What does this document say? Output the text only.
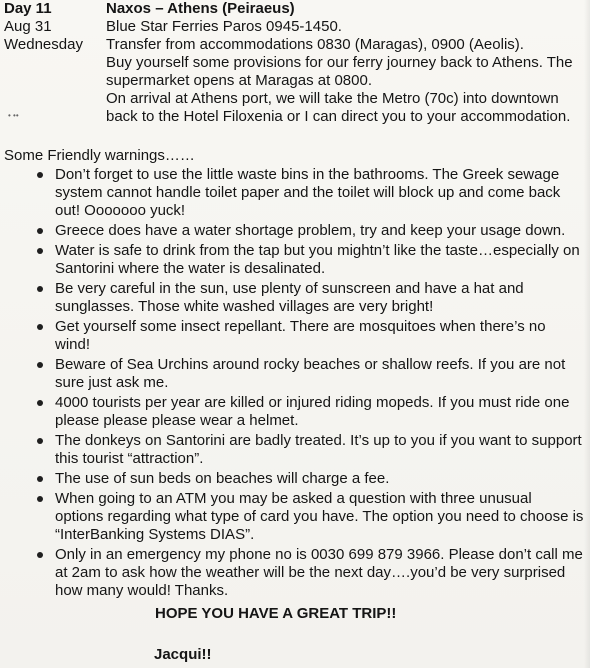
• ••
Day 11
Aug 31
Wednesday
Naxos – Athens (Peiraeus)
Blue Star Ferries Paros 0945-1450.
Transfer from accommodations 0830 (Maragas), 0900 (Aeolis).
Buy yourself some provisions for our ferry journey back to Athens. The supermarket opens at Maragas at 0800.
On arrival at Athens port, we will take the Metro (70c) into downtown back to the Hotel Filoxenia or I can direct you to your accommodation.
Some Friendly warnings……
Don’t forget to use the little waste bins in the bathrooms. The Greek sewage system cannot handle toilet paper and the toilet will block up and come back out! Ooooooo yuck!
Greece does have a water shortage problem, try and keep your usage down.
Water is safe to drink from the tap but you mightn’t like the taste…especially on Santorini where the water is desalinated.
Be very careful in the sun, use plenty of sunscreen and have a hat and sunglasses. Those white washed villages are very bright!
Get yourself some insect repellant. There are mosquitoes when there’s no wind!
Beware of Sea Urchins around rocky beaches or shallow reefs. If you are not sure just ask me.
4000 tourists per year are killed or injured riding mopeds. If you must ride one please please please wear a helmet.
The donkeys on Santorini are badly treated. It’s up to you if you want to support this tourist “attraction”.
The use of sun beds on beaches will charge a fee.
When going to an ATM you may be asked a question with three unusual options regarding what type of card you have. The option you need to choose is “InterBanking Systems DIAS”.
Only in an emergency my phone no is 0030 699 879 3966. Please don’t call me at 2am to ask how the weather will be the next day….you’d be very surprised how many would! Thanks.
HOPE YOU HAVE A GREAT TRIP!!
Jacqui!!
